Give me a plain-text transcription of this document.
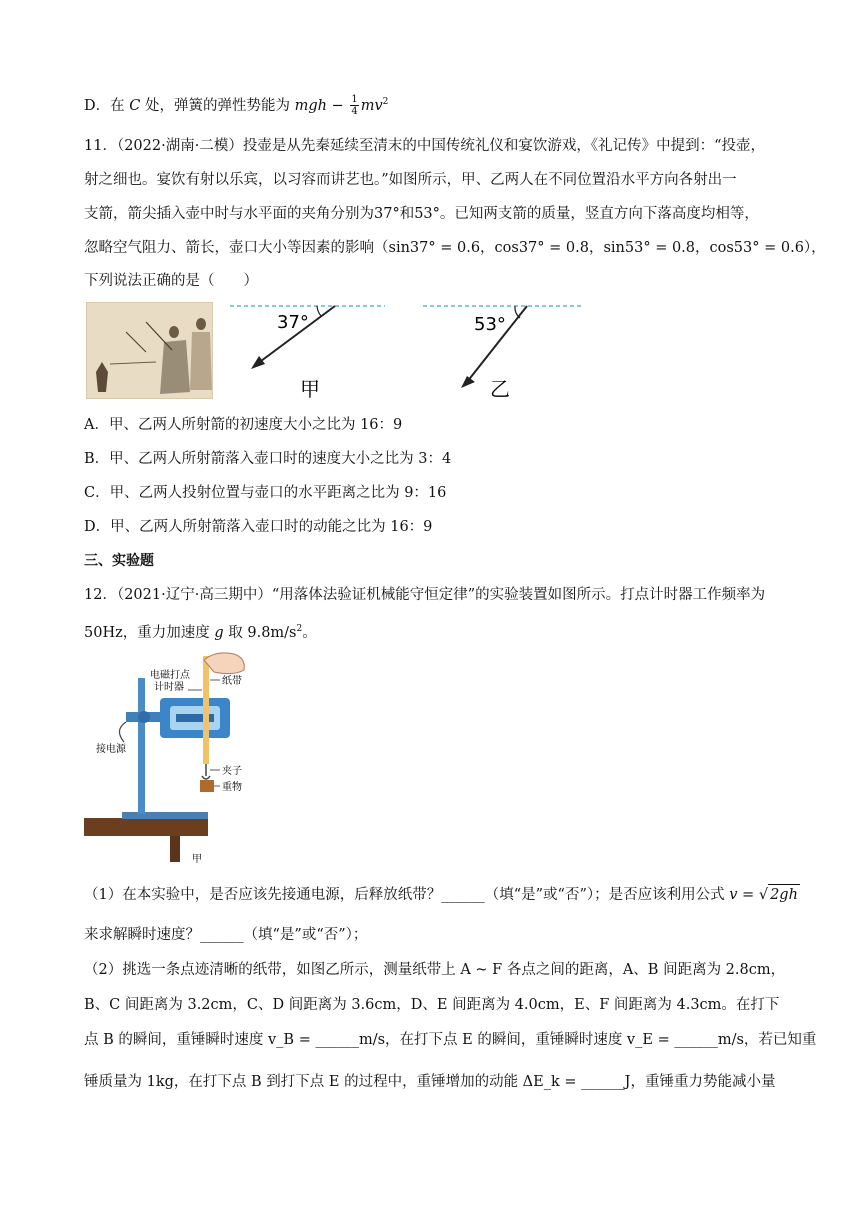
D．在 C 处，弹簧的弹性势能为 mgh − $\frac{1}{4} mv^2$
11．（2022·湖南·二模）投壶是从先秦延续至清末的中国传统礼仪和宴饮游戏，《礼记传》中提到：“投壶，
射之细也。宴饮有射以乐宾，以习容而讲艺也。”如图所示，甲、乙两人在不同位置沿水平方向各射出一
支箭，箭尖插入壶中时与水平面的夹角分别为37°和53°。已知两支箭的质量，竖直方向下落高度均相等，
忽略空气阻力、箭长，壶口大小等因素的影响（sin37° = 0.6，cos37° = 0.8，sin53° = 0.8，cos53° = 0.6），
下列说法正确的是（　　）
37°	53°
甲	乙
A．甲、乙两人所射箭的初速度大小之比为 16：9
B．甲、乙两人所射箭落入壶口时的速度大小之比为 3：4
C．甲、乙两人投射位置与壶口的水平距离之比为 9：16
D．甲、乙两人所射箭落入壶口时的动能之比为 16：9
三、实验题
12．（2021·辽宁·高三期中）“用落体法验证机械能守恒定律”的实验装置如图所示。打点计时器工作频率为
50Hz，重力加速度 g 取 $9.8m/s^2$。
电磁打点
计时器
纸带
接电源
夹子
重物
甲
（1）在本实验中，是否应该先接通电源，后释放纸带？______（填“是”或“否”）；是否应该利用公式 v = √ 2gh
来求解瞬时速度？______（填“是”或“否”）；
（2）挑选一条点迹清晰的纸带，如图乙所示，测量纸带上 A ~ F 各点之间的距离，A、B 间距离为 2.8cm，
B、C 间距离为 3.2cm，C、D 间距离为 3.6cm，D、E 间距离为 4.0cm，E、F 间距离为 4.3cm。在打下
点 B 的瞬间，重锤瞬时速度 v_B = ______m/s，在打下点 E 的瞬间，重锤瞬时速度 v_E = ______m/s，若已知重
锤质量为 1kg，在打下点 B 到打下点 E 的过程中，重锤增加的动能 ΔE_k = ______J，重锤重力势能减小量
